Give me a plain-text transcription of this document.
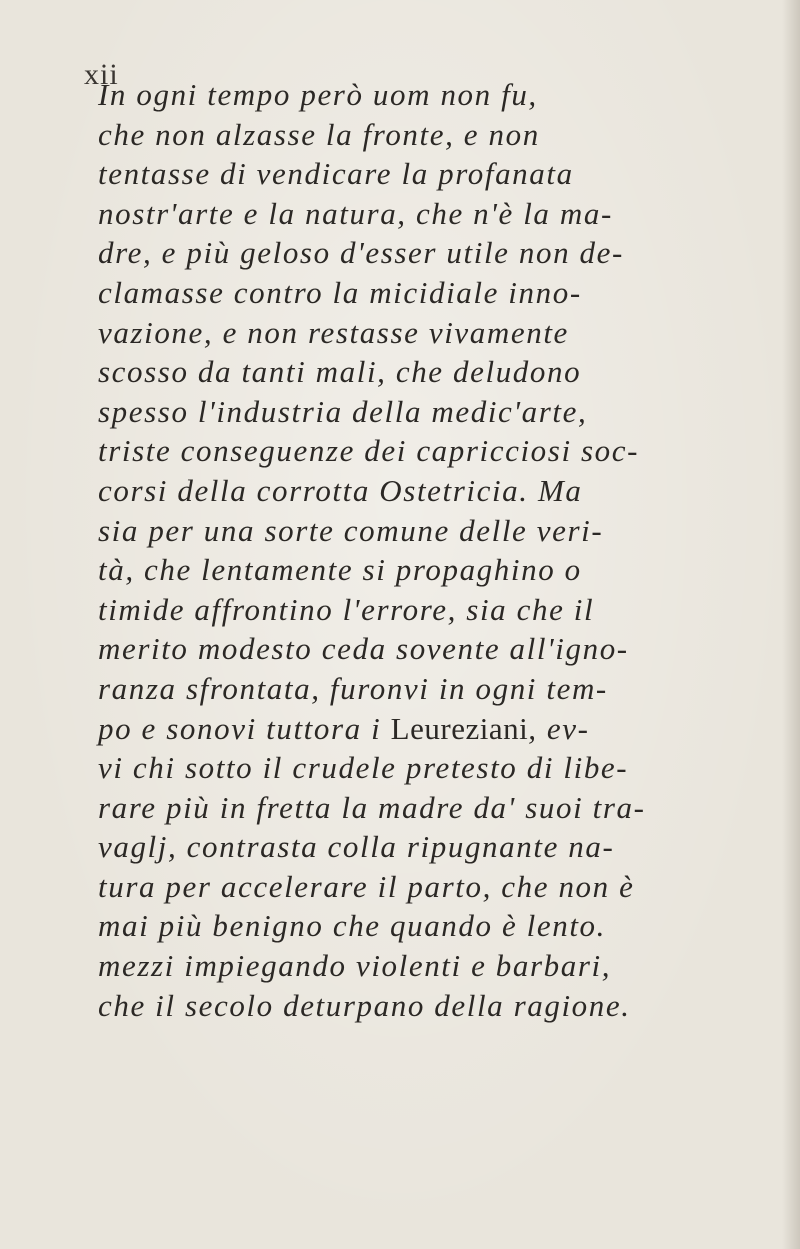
xii
In ogni tempo però uom non fu,
che non alzasse la fronte, e non
tentasse di vendicare la profanata
nostr'arte e la natura, che n'è la ma-
dre, e più geloso d'esser utile non de-
clamasse contro la micidiale inno-
vazione, e non restasse vivamente
scosso da tanti mali, che deludono
spesso l'industria della medic'arte,
triste conseguenze dei capricciosi soc-
corsi della corrotta Ostetricia. Ma
sia per una sorte comune delle veri-
tà, che lentamente si propaghino o
timide affrontino l'errore, sia che il
merito modesto ceda sovente all'igno-
ranza sfrontata, furonvi in ogni tem-
po e sonovi tuttora i Leureziani, ev-
vi chi sotto il crudele pretesto di libe-
rare più in fretta la madre da' suoi tra-
vaglj, contrasta colla ripugnante na-
tura per accelerare il parto, che non è
mai più benigno che quando è lento.
mezzi impiegando violenti e barbari,
che il secolo deturpano della ragione.
